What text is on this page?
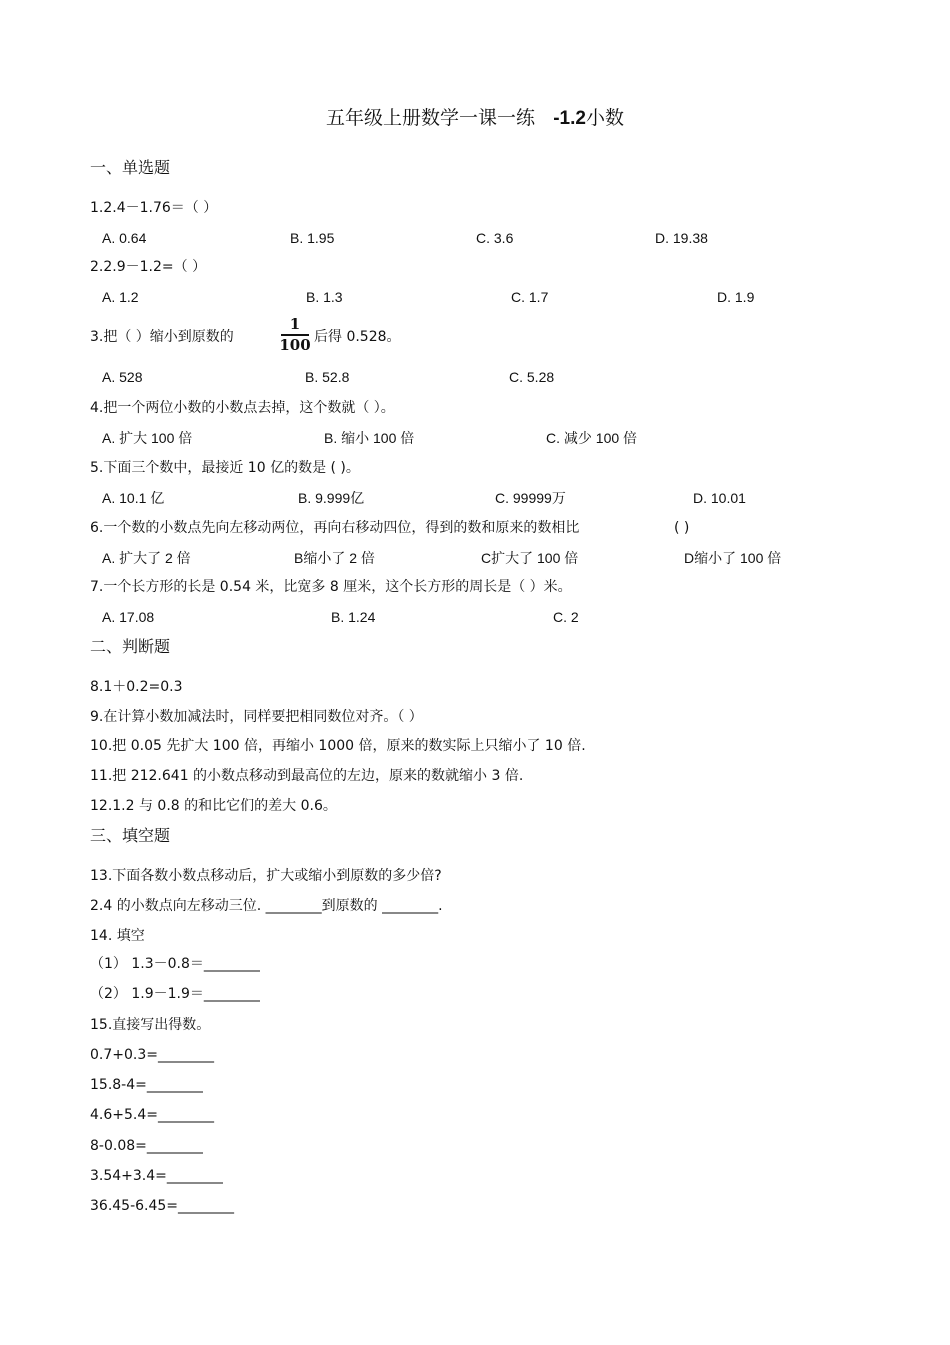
五年级上册数学一课一练 -1.2小数
一、单选题
1.2.4－1.76＝（ ）
A. 0.64	B. 1.95	C. 3.6	D. 19.38
2.2.9－1.2=（ ）
A. 1.2	B. 1.3	C. 1.7	D. 1.9
3.把（ ）缩小到原数的
1
100 后得 0.528。
A. 528	B. 52.8	C. 5.28
4.把一个两位小数的小数点去掉，这个数就（ ）。
A. 扩大 100 倍	B. 缩小 100 倍	C. 减少 100 倍
5.下面三个数中，最接近 10 亿的数是 ( )。
A. 10.1 亿	B. 9.999亿	C. 99999万	D. 10.01
6.一个数的小数点先向左移动两位，再向右移动四位，得到的数和原来的数相比	( )
A. 扩大了 2 倍	B缩小了 2 倍	C扩大了 100 倍	D缩小了 100 倍
7.一个长方形的长是 0.54 米，比宽多 8 厘米，这个长方形的周长是（ ）米。
A. 17.08	B. 1.24	C. 2
二、判断题
8.1＋0.2=0.3
9.在计算小数加减法时，同样要把相同数位对齐。（ ）
10.把 0.05 先扩大 100 倍，再缩小 1000 倍，原来的数实际上只缩小了 10 倍.
11.把 212.641 的小数点移动到最高位的左边，原来的数就缩小 3 倍.
12.1.2 与 0.8 的和比它们的差大 0.6。
三、填空题
13.下面各数小数点移动后，扩大或缩小到原数的多少倍?
2.4 的小数点向左移动三位. ________到原数的 ________.
14. 填空
（1） 1.3－0.8＝________
（2） 1.9－1.9＝________
15.直接写出得数。
0.7+0.3=________
15.8-4=________
4.6+5.4=________
8-0.08=________
3.54+3.4=________
36.45-6.45=________
